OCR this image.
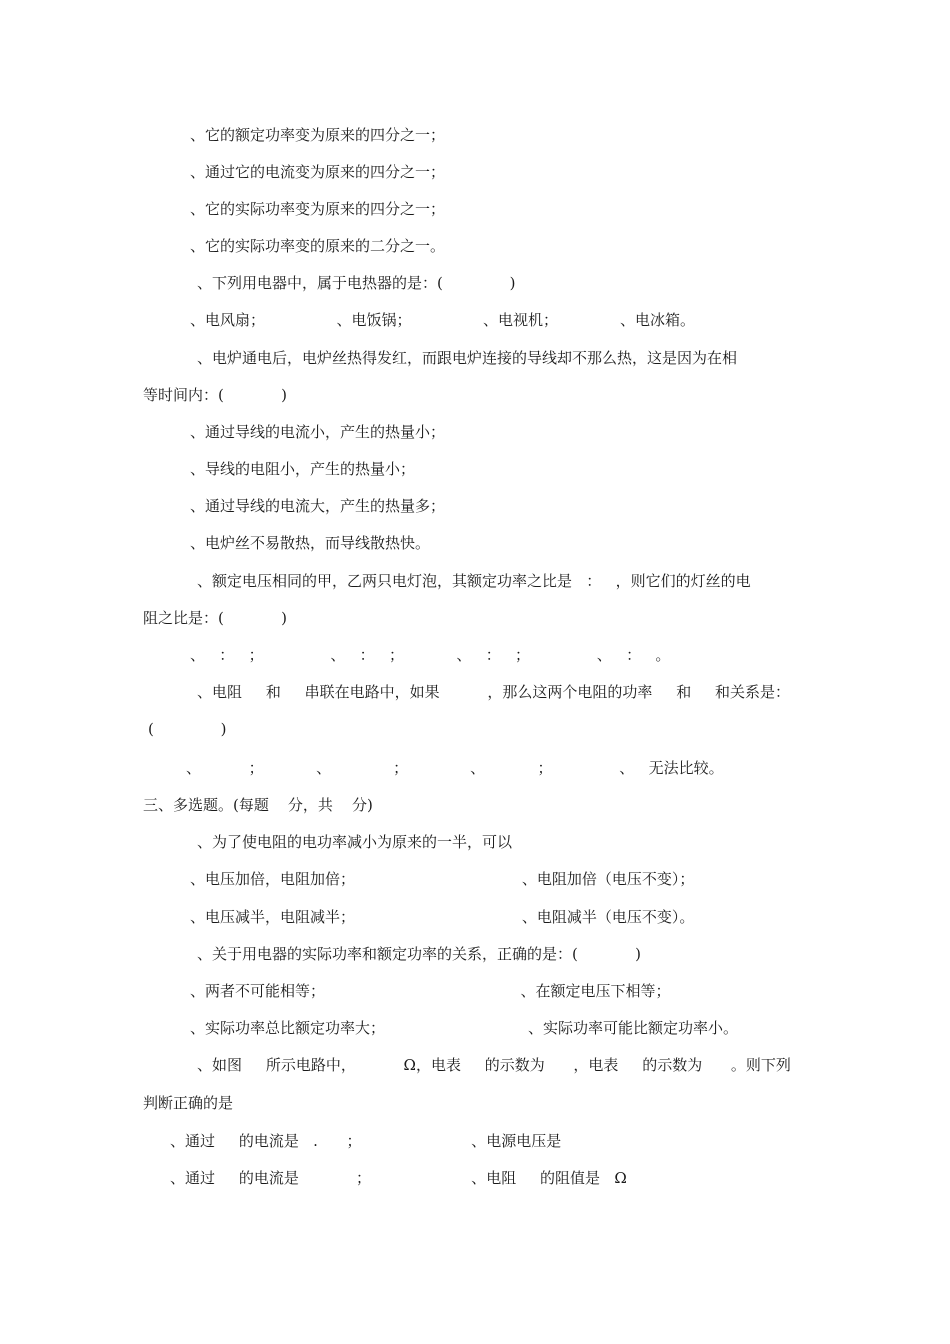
、它的额定功率变为原来的四分之一；
、通过它的电流变为原来的四分之一；
、它的实际功率变为原来的四分之一；
、它的实际功率变的原来的二分之一。
、下列用电器中，属于电热器的是：(              )
、电风扇；               、电饭锅；               、电视机；             、电冰箱。
、电炉通电后，电炉丝热得发红，而跟电炉连接的导线却不那么热，这是因为在相
等时间内：(            )
、通过导线的电流小，产生的热量小；
、导线的电阻小，产生的热量小；
、通过导线的电流大，产生的热量多；
、电炉丝不易散热，而导线散热快。
、额定电压相同的甲，乙两只电灯泡，其额定功率之比是   ：   ，则它们的灯丝的电
阻之比是：(            )
、   ：   ；              、   ：   ；           、   ：   ；              、   ：   。
、电阻     和     串联在电路中，如果          ，那么这两个电阻的功率     和     和关系是：
(              )
、          ；           、             ；             、           ；              、   无法比较。
三、多选题。(每题    分，共    分)
、为了使电阻的电功率减小为原来的一半，可以
、电压加倍，电阻加倍；                                   、电阻加倍（电压不变）；
、电压减半，电阻减半；                                   、电阻减半（电压不变）。
、关于用电器的实际功率和额定功率的关系，正确的是：(            )
、两者不可能相等；                                         、在额定电压下相等；
、实际功率总比额定功率大；                              、实际功率可能比额定功率小。
、如图     所示电路中，          Ω，电表     的示数为      ，电表     的示数为      。则下列
判断正确的是
、通过     的电流是   .      ；                       、电源电压是
、通过     的电流是            ；                     、电阻     的阻值是   Ω
